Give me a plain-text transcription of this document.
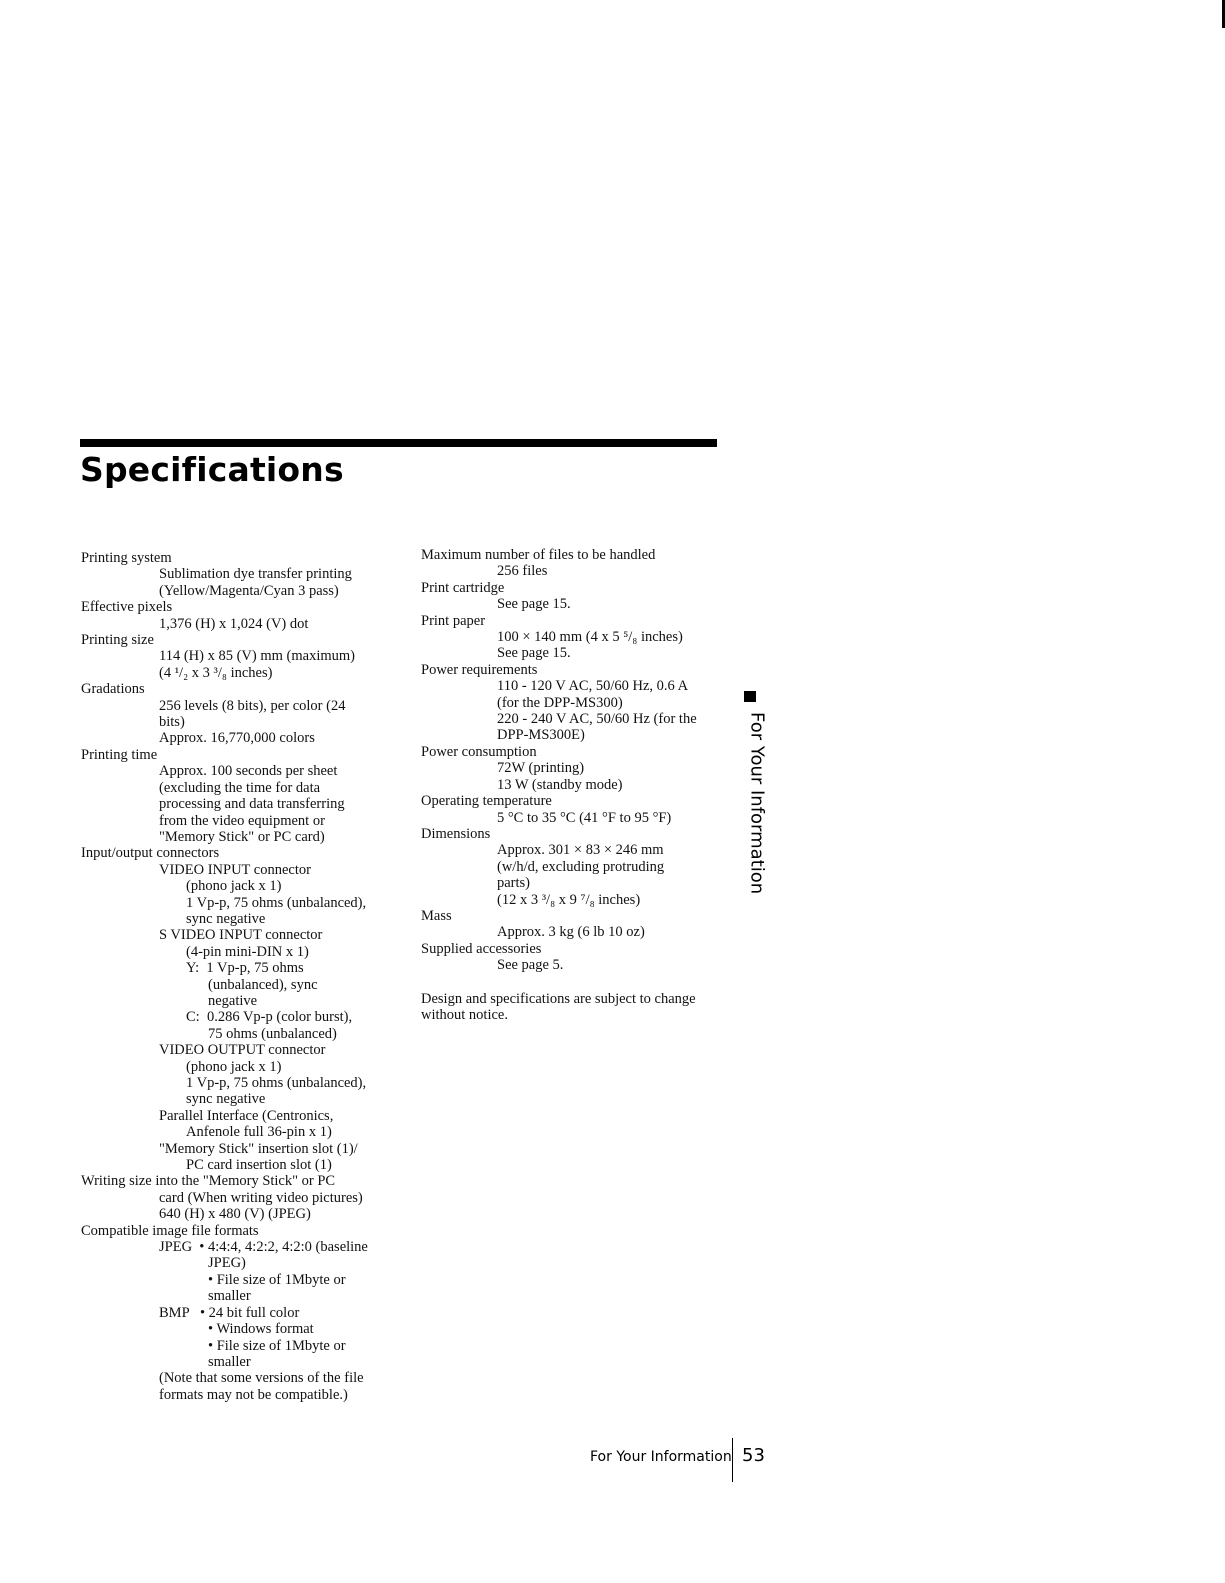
Specifications
Printing system
Sublimation dye transfer printing
(Yellow/Magenta/Cyan 3 pass)
Effective pixels
1,376 (H) x 1,024 (V) dot
Printing size
114 (H) x 85 (V) mm (maximum)
(4 ¹/₂ x 3 ³/₈ inches)
Gradations
256 levels (8 bits), per color (24
bits)
Approx. 16,770,000 colors
Printing time
Approx. 100 seconds per sheet
(excluding the time for data
processing and data transferring
from the video equipment or
"Memory Stick" or PC card)
Input/output connectors
VIDEO INPUT connector
(phono jack x 1)
1 Vp-p, 75 ohms (unbalanced),
sync negative
S VIDEO INPUT connector
(4-pin mini-DIN x 1)
Y:  1 Vp-p, 75 ohms
(unbalanced), sync
negative
C:  0.286 Vp-p (color burst),
75 ohms (unbalanced)
VIDEO OUTPUT connector
(phono jack x 1)
1 Vp-p, 75 ohms (unbalanced),
sync negative
Parallel Interface (Centronics,
Anfenole full 36-pin x 1)
"Memory Stick" insertion slot (1)/
PC card insertion slot (1)
Writing size into the "Memory Stick" or PC
card (When writing video pictures)
640 (H) x 480 (V) (JPEG)
Compatible image file formats
JPEG  • 4:4:4, 4:2:2, 4:2:0 (baseline
JPEG)
• File size of 1Mbyte or
smaller
BMP   • 24 bit full color
• Windows format
• File size of 1Mbyte or
smaller
(Note that some versions of the file
formats may not be compatible.)
Maximum number of files to be handled
256 files
Print cartridge
See page 15.
Print paper
100 × 140 mm (4 x 5 ⁵/₈ inches)
See page 15.
Power requirements
110 - 120 V AC, 50/60 Hz, 0.6 A
(for the DPP-MS300)
220 - 240 V AC, 50/60 Hz (for the
DPP-MS300E)
Power consumption
72W (printing)
13 W (standby mode)
Operating temperature
5 °C to 35 °C (41 °F to 95 °F)
Dimensions
Approx. 301 × 83 × 246 mm
(w/h/d, excluding protruding
parts)
(12 x 3 ³/₈ x 9 ⁷/₈ inches)
Mass
Approx. 3 kg (6 lb 10 oz)
Supplied accessories
See page 5.
Design and specifications are subject to change
without notice.
For Your Information
For Your Information 53
